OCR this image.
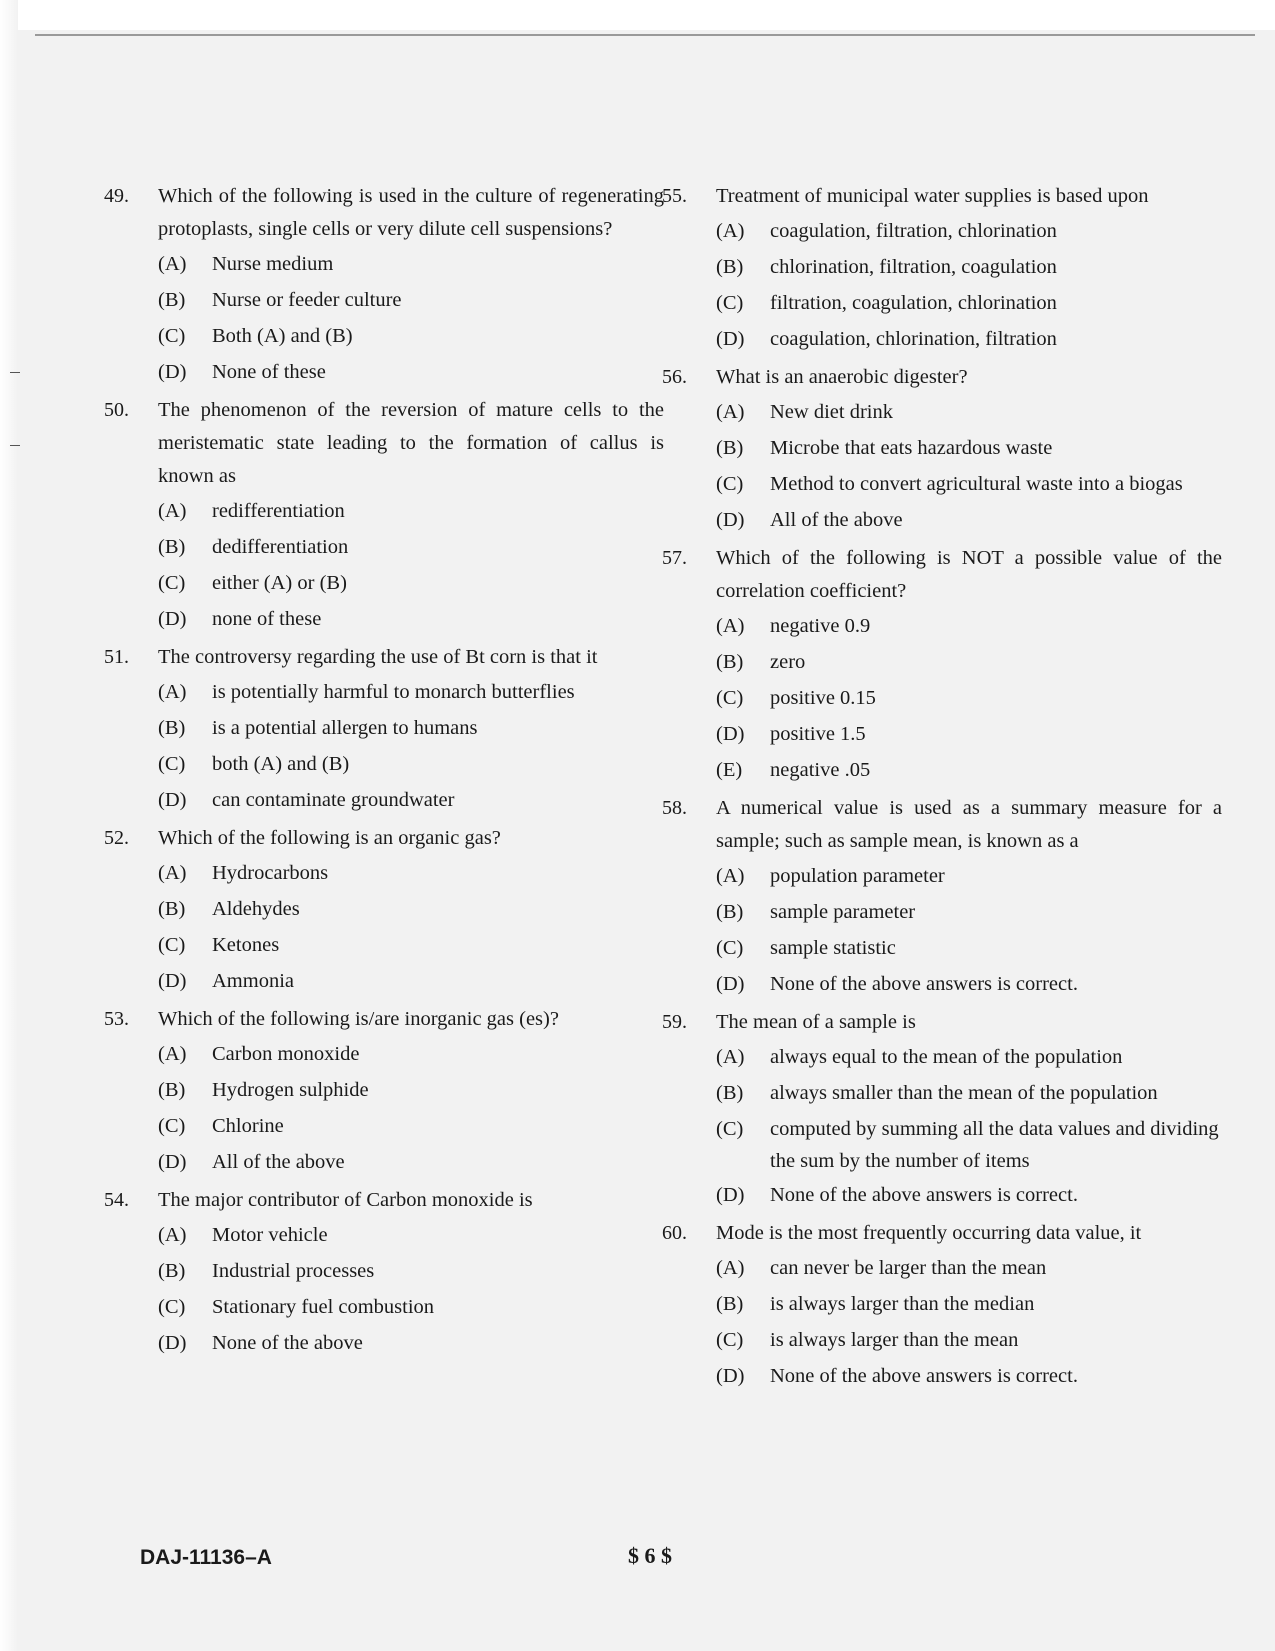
49.	Which of the following is used in the culture of regenerating protoplasts, single cells or very dilute cell suspensions?
(A)	Nurse medium
(B)	Nurse or feeder culture
(C)	Both (A) and (B)
(D)	None of these
50.	The phenomenon of the reversion of mature cells to the meristematic state leading to the formation of callus is known as
(A)	redifferentiation
(B)	dedifferentiation
(C)	either (A) or (B)
(D)	none of these
51.	The controversy regarding the use of Bt corn is that it
(A)	is potentially harmful to monarch butterflies
(B)	is a potential allergen to humans
(C)	both (A) and (B)
(D)	can contaminate groundwater
52.	Which of the following is an organic gas?
(A)	Hydrocarbons
(B)	Aldehydes
(C)	Ketones
(D)	Ammonia
53.	Which of the following is/are inorganic gas (es)?
(A)	Carbon monoxide
(B)	Hydrogen sulphide
(C)	Chlorine
(D)	All of the above
54.	The major contributor of Carbon monoxide is
(A)	Motor vehicle
(B)	Industrial processes
(C)	Stationary fuel combustion
(D)	None of the above
55.	Treatment of municipal water supplies is based upon
(A)	coagulation, filtration, chlorination
(B)	chlorination, filtration, coagulation
(C)	filtration, coagulation, chlorination
(D)	coagulation, chlorination, filtration
56.	What is an anaerobic digester?
(A)	New diet drink
(B)	Microbe that eats hazardous waste
(C)	Method to convert agricultural waste into a biogas
(D)	All of the above
57.	Which of the following is NOT a possible value of the correlation coefficient?
(A)	negative 0.9
(B)	zero
(C)	positive 0.15
(D)	positive 1.5
(E)	negative .05
58.	A numerical value is used as a summary measure for a sample; such as sample mean, is known as a
(A)	population parameter
(B)	sample parameter
(C)	sample statistic
(D)	None of the above answers is correct.
59.	The mean of a sample is
(A)	always equal to the mean of the population
(B)	always smaller than the mean of the population
(C)	computed by summing all the data values and dividing the sum by the number of items
(D)	None of the above answers is correct.
60.	Mode is the most frequently occurring data value, it
(A)	can never be larger than the mean
(B)	is always larger than the median
(C)	is always larger than the mean
(D)	None of the above answers is correct.
DAJ-11136–A	$ 6 $
